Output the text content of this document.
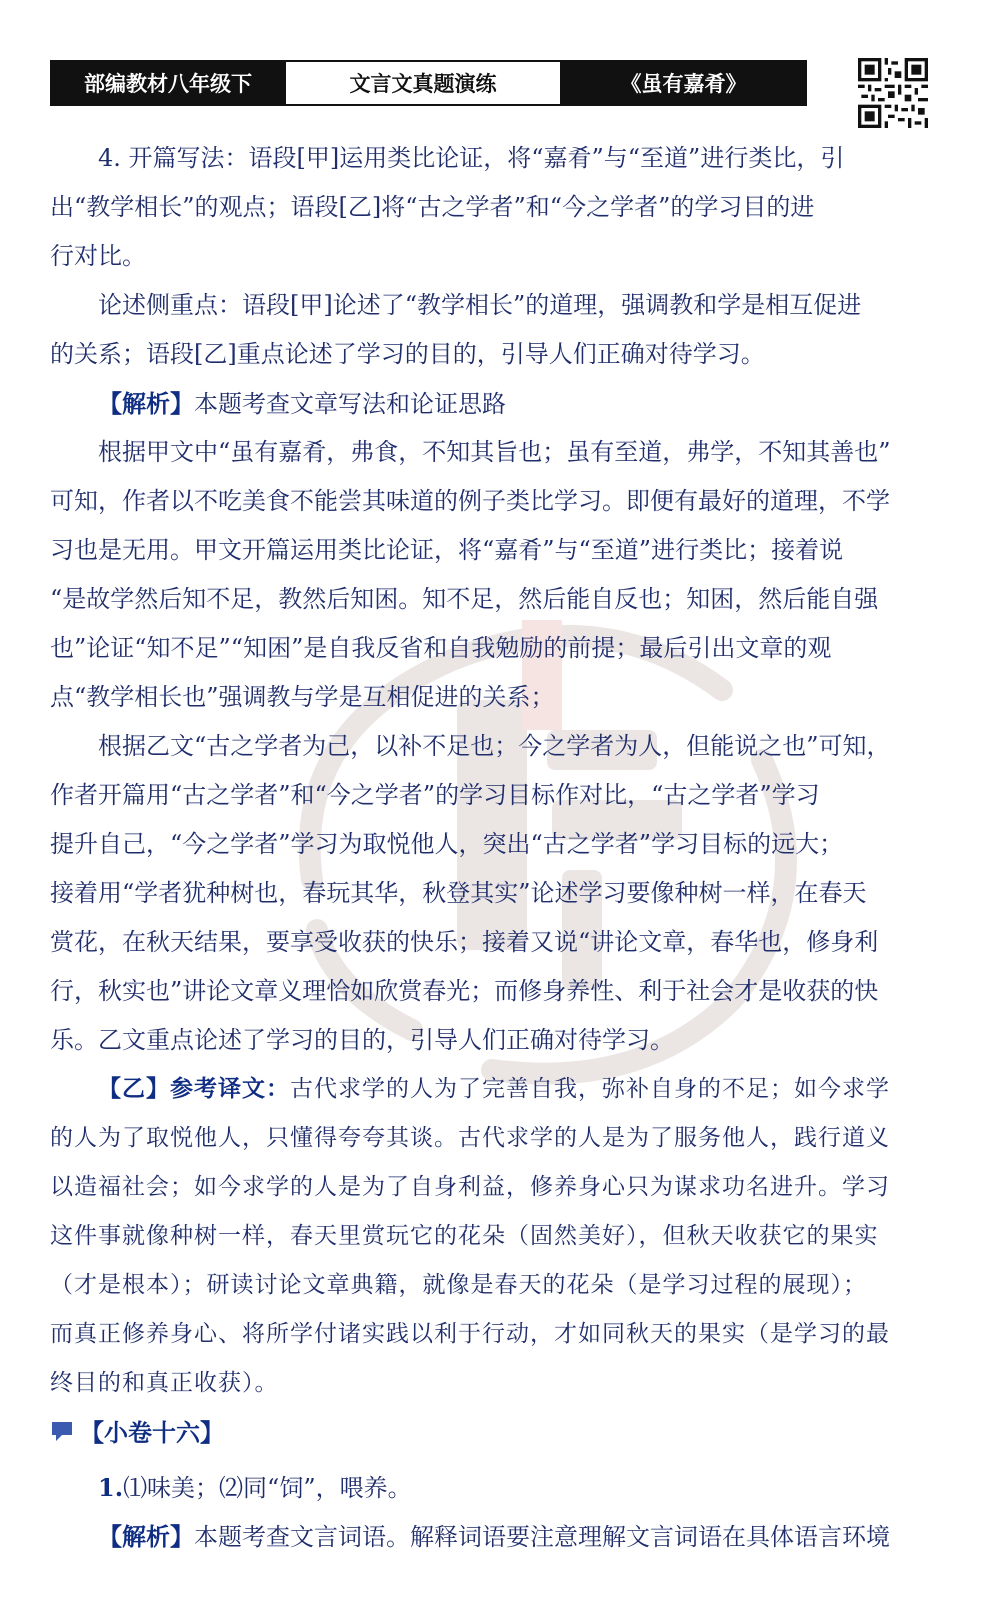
部编教材八年级下	文言文真题演练	《虽有嘉肴》
4. 开篇写法：语段[甲]运用类比论证，将“嘉肴”与“至道”进行类比，引
出“教学相长”的观点；语段[乙]将“古之学者”和“今之学者”的学习目的进
行对比。
论述侧重点：语段[甲]论述了“教学相长”的道理，强调教和学是相互促进
的关系；语段[乙]重点论述了学习的目的，引导人们正确对待学习。
【解析】本题考查文章写法和论证思路
根据甲文中“虽有嘉肴，弗食，不知其旨也；虽有至道，弗学，不知其善也”
可知，作者以不吃美食不能尝其味道的例子类比学习。即便有最好的道理，不学
习也是无用。甲文开篇运用类比论证，将“嘉肴”与“至道”进行类比；接着说
“是故学然后知不足，教然后知困。知不足，然后能自反也；知困，然后能自强
也”论证“知不足”“知困”是自我反省和自我勉励的前提；最后引出文章的观
点“教学相长也”强调教与学是互相促进的关系；
根据乙文“古之学者为己，以补不足也；今之学者为人，但能说之也”可知，
作者开篇用“古之学者”和“今之学者”的学习目标作对比，“古之学者”学习
提升自己，“今之学者”学习为取悦他人，突出“古之学者”学习目标的远大；
接着用“学者犹种树也，春玩其华，秋登其实”论述学习要像种树一样，在春天
赏花，在秋天结果，要享受收获的快乐；接着又说“讲论文章，春华也，修身利
行，秋实也”讲论文章义理恰如欣赏春光；而修身养性、利于社会才是收获的快
乐。乙文重点论述了学习的目的，引导人们正确对待学习。
【乙】参考译文：古代求学的人为了完善自我，弥补自身的不足；如今求学
的人为了取悦他人，只懂得夸夸其谈。古代求学的人是为了服务他人，践行道义
以造福社会；如今求学的人是为了自身利益，修养身心只为谋求功名进升。学习
这件事就像种树一样，春天里赏玩它的花朵（固然美好），但秋天收获它的果实
（才是根本）；研读讨论文章典籍，就像是春天的花朵（是学习过程的展现）；
而真正修养身心、将所学付诸实践以利于行动，才如同秋天的果实（是学习的最
终目的和真正收获）。
【小卷十六】
1.⑴味美；⑵同“饲”，喂养。
【解析】本题考查文言词语。解释词语要注意理解文言词语在具体语言环境
